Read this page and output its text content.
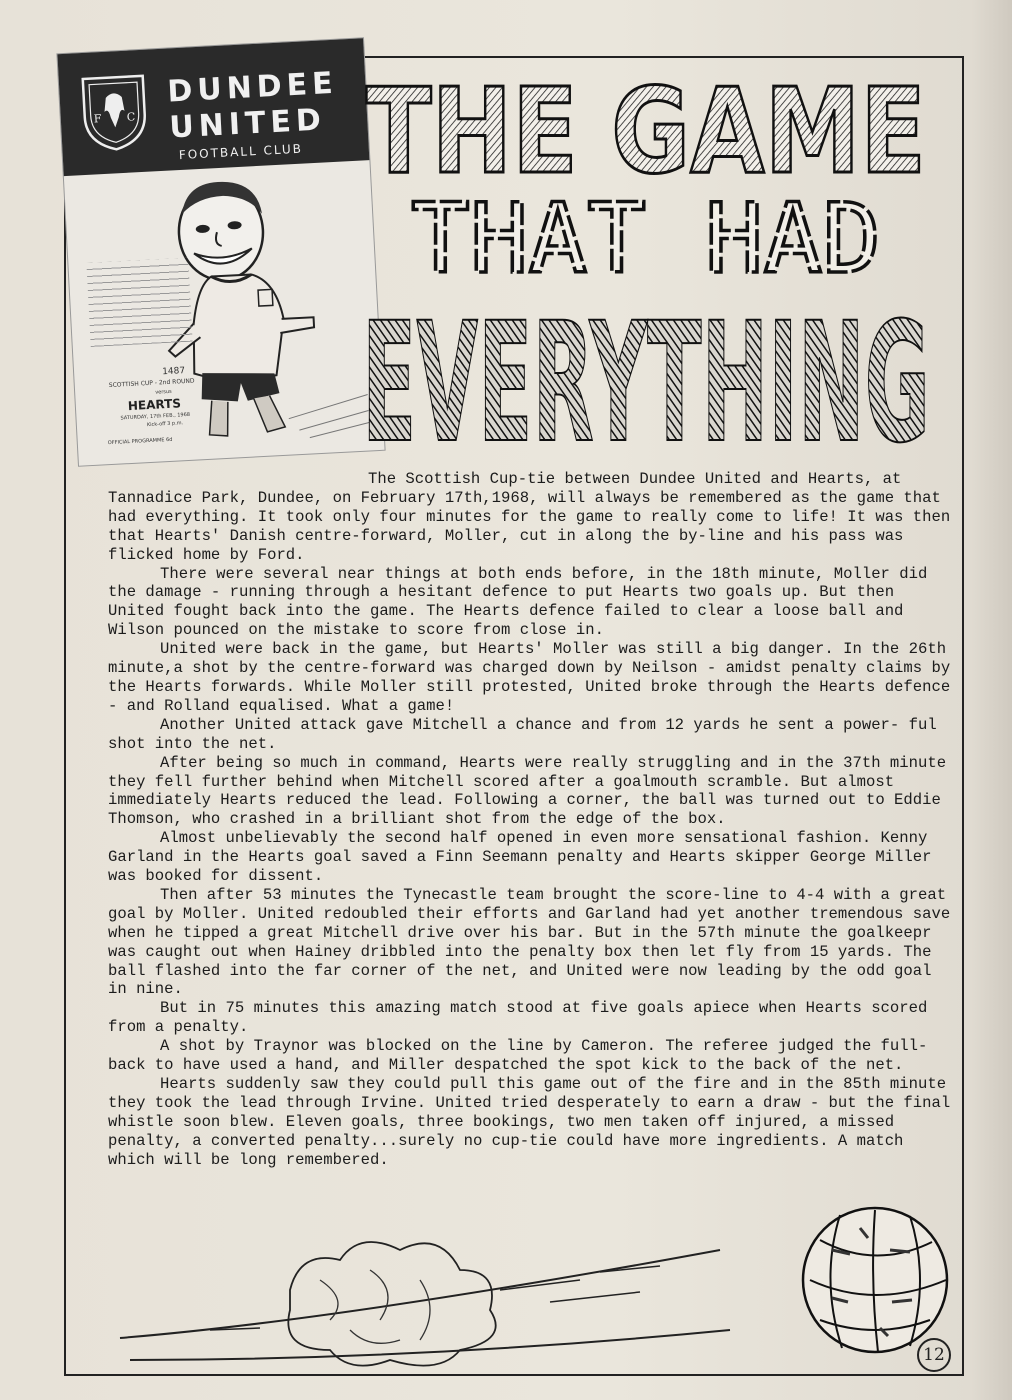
F C
DUNDEE
UNITED
FOOTBALL CLUB
1487
SCOTTISH CUP - 2nd ROUND
versus
HEARTS
SATURDAY, 17th FEB., 1968
Kick-off 3 p.m.
OFFICIAL PROGRAMME 6d
THE GAME
THAT HAD
EVERYTHING

The Scottish Cup-tie between Dundee United and Hearts, at Tannadice Park, Dundee, on February 17th,1968, will always be remembered as the game that had everything. It took only four minutes for the game to really come to life! It was then that Hearts' Danish centre-forward, Moller, cut in along the by-line and his pass was flicked home by Ford.

There were several near things at both ends before, in the 18th minute, Moller did the damage - running through a hesitant defence to put Hearts two goals up. But then United fought back into the game. The Hearts defence failed to clear a loose ball and Wilson pounced on the mistake to score from close in.

United were back in the game, but Hearts' Moller was still a big danger. In the 26th minute,a shot by the centre-forward was charged down by Neilson - amidst penalty claims by the Hearts forwards. While Moller still protested, United broke through the Hearts defence - and Rolland equalised. What a game!

Another United attack gave Mitchell a chance and from 12 yards he sent a power- ful shot into the net.

After being so much in command, Hearts were really struggling and in the 37th minute they fell further behind when Mitchell scored after a goalmouth scramble. But almost immediately Hearts reduced the lead. Following a corner, the ball was turned out to Eddie Thomson, who crashed in a brilliant shot from the edge of the box.

Almost unbelievably the second half opened in even more sensational fashion. Kenny Garland in the Hearts goal saved a Finn Seemann penalty and Hearts skipper George Miller was booked for dissent.

Then after 53 minutes the Tynecastle team brought the score-line to 4-4 with a great goal by Moller. United redoubled their efforts and Garland had yet another tremendous save when he tipped a great Mitchell drive over his bar. But in the 57th minute the goalkeepr was caught out when Hainey dribbled into the penalty box then let fly from 15 yards. The ball flashed into the far corner of the net, and United were now leading by the odd goal in nine.

But in 75 minutes this amazing match stood at five goals apiece when Hearts scored from a penalty.

A shot by Traynor was blocked on the line by Cameron. The referee judged the full-back to have used a hand, and Miller despatched the spot kick to the back of the net.

Hearts suddenly saw they could pull this game out of the fire and in the 85th minute they took the lead through Irvine. United tried desperately to earn a draw - but the final whistle soon blew. Eleven goals, three bookings, two men taken off injured, a missed penalty, a converted penalty...surely no cup-tie could have more ingredients. A match which will be long remembered.

12
